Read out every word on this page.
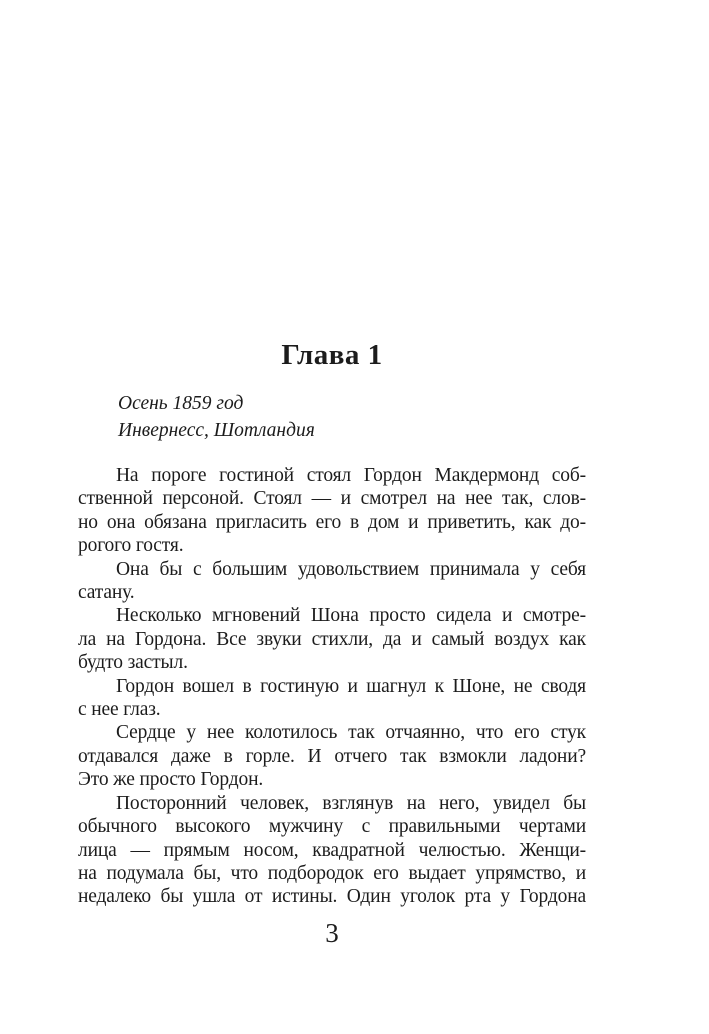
Глава 1
Осень 1859 год
Инвернесс, Шотландия
На пороге гостиной стоял Гордон Макдермонд соб-
ственной персоной. Стоял — и смотрел на нее так, слов-
но она обязана пригласить его в дом и приветить, как до-
рогого гостя.
Она бы с большим удовольствием принимала у себя
сатану.
Несколько мгновений Шона просто сидела и смотре-
ла на Гордона. Все звуки стихли, да и самый воздух как
будто застыл.
Гордон вошел в гостиную и шагнул к Шоне, не сводя
с нее глаз.
Сердце у нее колотилось так отчаянно, что его стук
отдавался даже в горле. И отчего так взмокли ладони?
Это же просто Гордон.
Посторонний человек, взглянув на него, увидел бы
обычного высокого мужчину с правильными чертами
лица — прямым носом, квадратной челюстью. Женщи-
на подумала бы, что подбородок его выдает упрямство, и
недалеко бы ушла от истины. Один уголок рта у Гордона
3
